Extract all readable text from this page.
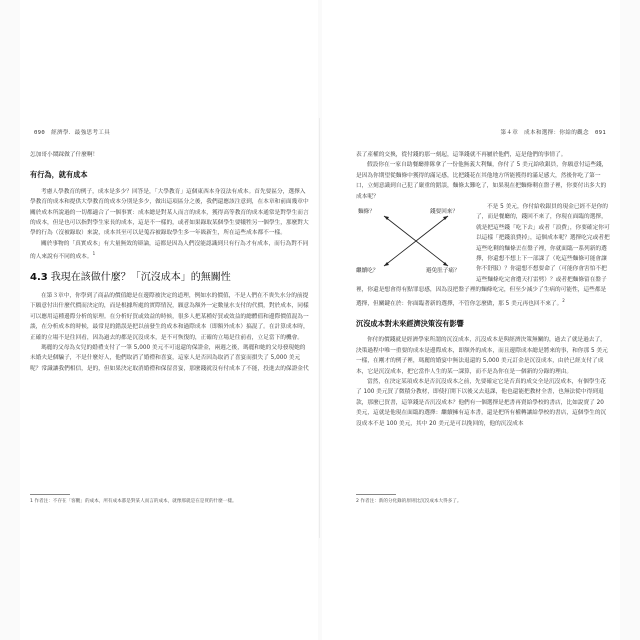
090 經濟學．最強思考工具

怎加哥小鬧踩做了什麼啊！

有行為，就有成本

考慮人學教育的例子，成本是多少？回答是，「大學教育」這個東西本身沒法有成本。首先要區分，選擇入學教育的成本和提供大學教育的成本分別是多少，做出這項區分之後，我們還應該注意到，在本章和前面幾章中關於成本所說過的一切都適合了一個事實：成本總是對某人而言的成本，獲得高等教育的成本通常是對學生而言的成本，但是也可以指對學生家長的成本，這是不一樣的，或者如果錄取某個學生要犧牲另一個學生，那麼對大學的行為（沒被錄取）來說，成本其至可以是蒐吞被錄取學生多一年級新生，所在這些成本都不一樣。

關於事物的「真實成本」有大量無效的辯論，這都是因為人們沒能認識到只有行為才有成本，而行為對不同的人來說有不同的成本。$^1$

4.3 我現在該做什麼？「沉沒成本」的無關性

在第３章中，你學到了商品的價值總是在邊際被決定的道理，例如水的價值，不是人們在不喪失水分的前提下願意付出什麼代價而決定的，而是根據所處的實際情況，願意為額外一定數量水支付的代價，對於成本，同樣可以應用這種邊際分析的原理。在分析好買或效益的時候，很多人把某種好買或效益的總體值和邊際價值混為一談，在分析成本的時候，最常見的錯誤是把以前發生的成本和過際成本（即額外成本）搞混了。在計算成本時，正確的立場不是往回看，因為過去的都是沉沒成本，是不可恢復的，正確的立場是往前看，立足當下的機會。

瑪麗的父母為女兒的婚禮支付了一筆 5,000 美元不可退還的保證金，兩週之後，瑪麗和她的父母發現她的未婚夫是個騙子，不是什麼好人，他們取消了婚禮和喜宴，這家人是否因為取消了喜宴而損失了 5,000 美元呢？常識讓我們相信，是的，但如果決定取消婚禮和保留喜宴，那麼錢就沒有付成本了不能，投進去的保證金代

1 作者注：不存在「客觀」的成本，所有成本都是對某人而言的成本，就像那就是在是買的什麼一樣。
第４章　成本和選擇：你給的觀念 091

表了產權的交換，從付錢的那一刻起，這筆錢就不再屬於他們，這是他們的事情了。

假設你在一家自助餐廳排隊拿了一份他無義大利麵，你付了 5 美元給收銀員，你願意付這些錢，是因為你期望從麵條中獲得的滿足感，比把錢花在其他地方所能獲得的滿足感大，然後你吃了第一口，立刻意識到自己犯了嚴重的錯誤，麵條太難吃了，如果現在把麵條剩在盤子裡，你要付出多大的成本呢？

麵條？	錢要回來？
繼續吃？	避免肚子痛？

不是 5 美元，你付給收銀員的現金已經不是你的了，而是餐廳的，錢回不來了，你現在面臨的選擇，就是把這些錢「吃下去」或者「浪費」，你要確定你可以這樣「把錢浪費掉」，這個成本呢？選擇吃完或者把這些吃剩的麵條丟在盤子裡，你就面臨一系列新的選擇，你還想不想上下一部課了（吃這些麵條可能會讓你不舒服）？你還想不想要命了（可能你會害怕不把這些麵條吃完會遭天打雷劈）？或者把麵條留在盤子裡，你還是想會得有點罪惡感，因為沒把盤子裡的麵條吃完，但至少減少了生病的可能性，這些都是選擇，但關鍵在於：你面臨著新的選擇，不管你怎麼做，那 5 美元再也回不來了。$^2$

沉沒成本對未來經濟決策沒有影響

你付的價錢就是經濟學家所謂的沉沒成本，沉沒成本是與經濟決策無關的，過去了就是過去了，決策過程中唯一重要的成本是邊際成本，即額外的成本，而且邊際成本總是將來的事，和你那 5 美元一樣，在剛才的例子裡，瑪麗的婚宴中無法退還的 5,000 美元訂金是沉沒成本，由於已經支付了成本，它是沉沒成本，把它當作人生的某一課算，而不是為你在是一個新的分錄的理由。

當然，在決定某項成本是否沉沒成本之前，先要確定它是否真的成交全是沉沒成本，有個學生花了 100 美元買了微積分教材，即使打開下以後又去退課，他也還能把教材全書，也無法從中得到退款，那麼已買書，這筆錢是否沉沒成本？他們有一個選擇是把書再賣給學校的書店，比如說賣了 20 美元，這就是他現在面臨的選擇：繼續擁有這本書，還是把所有權轉讓給學校的書店，這個學生的沉沒成本不是 100 美元，其中 20 美元是可以挽回的，他的沉沒成本

2 作者注：新的分化錄的原則比沉沒成本大得多了。
